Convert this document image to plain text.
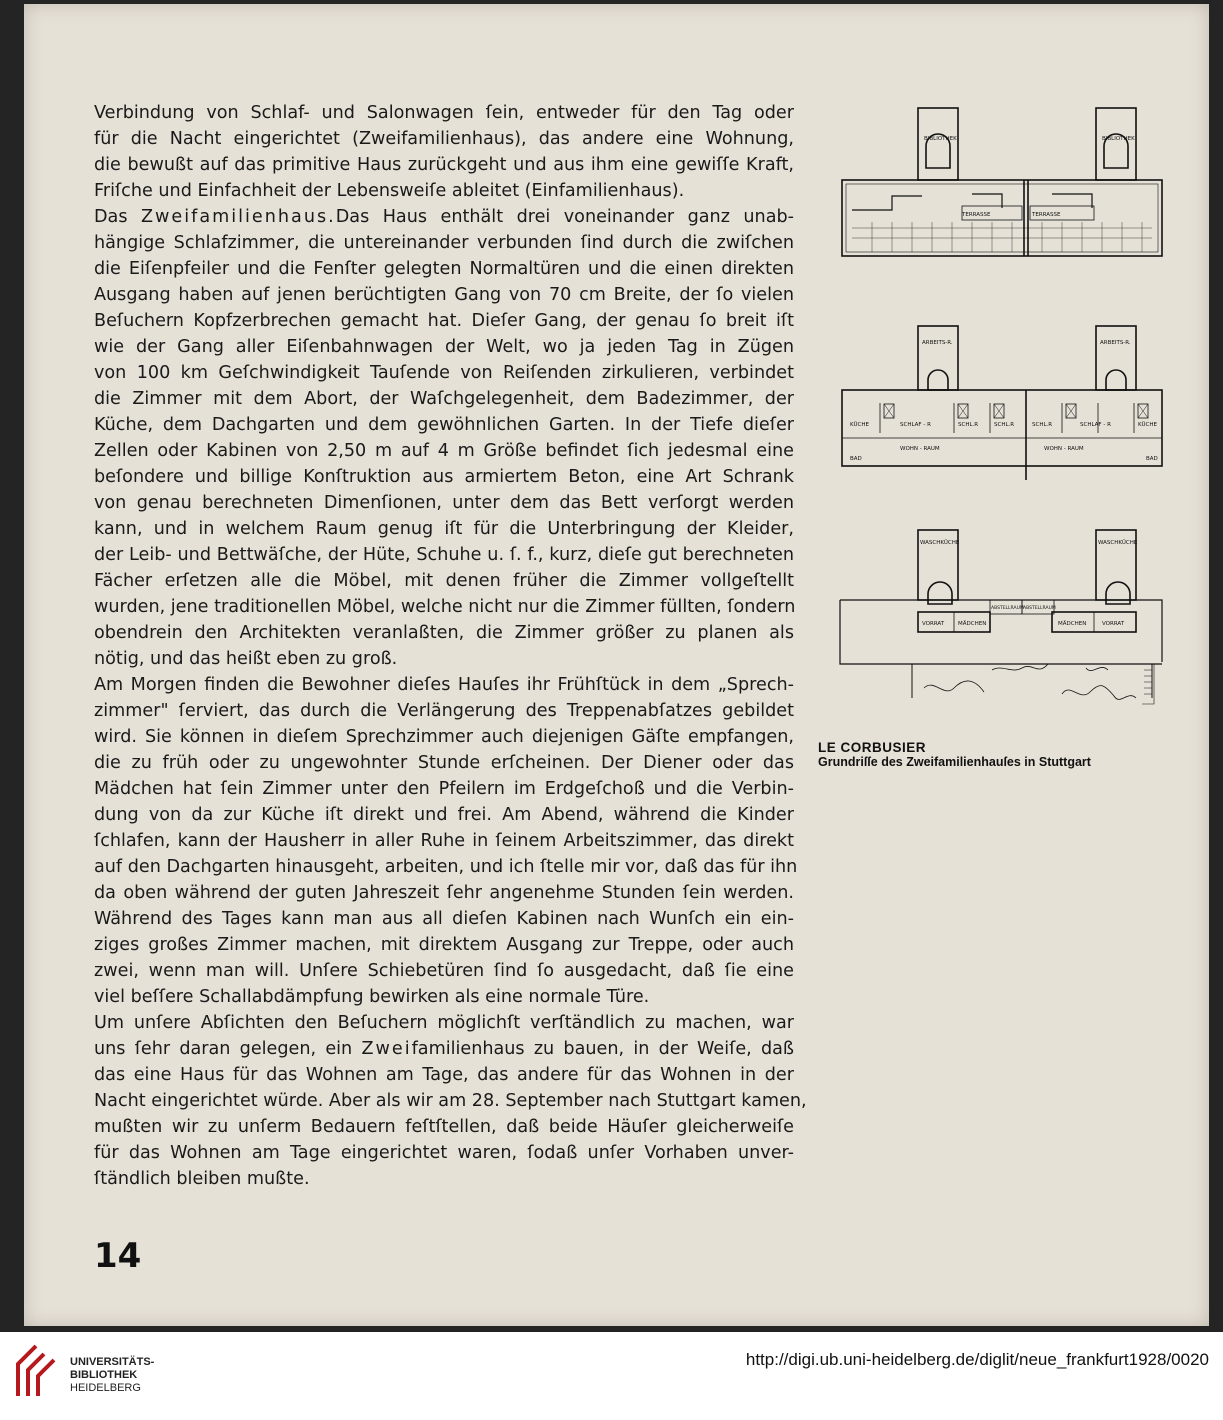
Verbindung von Schlaf- und Salonwagen ſein, entweder für den Tag oder

für die Nacht eingerichtet (Zweifamilienhaus), das andere eine Wohnung,

die bewußt auf das primitive Haus zurückgeht und aus ihm eine gewiſſe Kraft,

Friſche und Einfachheit der Lebensweiſe ableitet (Einfamilienhaus).

Das Zweifamilienhaus.Das Haus enthält drei voneinander ganz unab-

hängige Schlafzimmer, die untereinander verbunden ſind durch die zwiſchen

die Eiſenpfeiler und die Fenſter gelegten Normaltüren und die einen direkten

Ausgang haben auf jenen berüchtigten Gang von 70 cm Breite, der ſo vielen

Beſuchern Kopfzerbrechen gemacht hat. Dieſer Gang, der genau ſo breit iſt

wie der Gang aller Eiſenbahnwagen der Welt, wo ja jeden Tag in Zügen

von 100 km Geſchwindigkeit Tauſende von Reiſenden zirkulieren, verbindet

die Zimmer mit dem Abort, der Waſchgelegenheit, dem Badezimmer, der

Küche, dem Dachgarten und dem gewöhnlichen Garten. In der Tiefe dieſer

Zellen oder Kabinen von 2,50 m auf 4 m Größe befindet ſich jedesmal eine

beſondere und billige Konſtruktion aus armiertem Beton, eine Art Schrank

von genau berechneten Dimenſionen, unter dem das Bett verſorgt werden

kann, und in welchem Raum genug iſt für die Unterbringung der Kleider,

der Leib- und Bettwäſche, der Hüte, Schuhe u. ſ. f., kurz, dieſe gut berechneten

Fächer erſetzen alle die Möbel, mit denen früher die Zimmer vollgeſtellt

wurden, jene traditionellen Möbel, welche nicht nur die Zimmer füllten, ſondern

obendrein den Architekten veranlaßten, die Zimmer größer zu planen als

nötig, und das heißt eben zu groß.

Am Morgen finden die Bewohner dieſes Hauſes ihr Frühſtück in dem „Sprech-

zimmer" ſerviert, das durch die Verlängerung des Treppenabſatzes gebildet

wird. Sie können in dieſem Sprechzimmer auch diejenigen Gäſte empfangen,

die zu früh oder zu ungewohnter Stunde erſcheinen. Der Diener oder das

Mädchen hat ſein Zimmer unter den Pfeilern im Erdgeſchoß und die Verbin-

dung von da zur Küche iſt direkt und frei. Am Abend, während die Kinder

ſchlafen, kann der Hausherr in aller Ruhe in ſeinem Arbeitszimmer, das direkt

auf den Dachgarten hinausgeht, arbeiten, und ich ſtelle mir vor, daß das für ihn

da oben während der guten Jahreszeit ſehr angenehme Stunden ſein werden.

Während des Tages kann man aus all dieſen Kabinen nach Wunſch ein ein-

ziges großes Zimmer machen, mit direktem Ausgang zur Treppe, oder auch

zwei, wenn man will. Unſere Schiebetüren ſind ſo ausgedacht, daß ſie eine

viel beſſere Schallabdämpfung bewirken als eine normale Türe.

Um unſere Abſichten den Beſuchern möglichſt verſtändlich zu machen, war

uns ſehr daran gelegen, ein Zweifamilienhaus zu bauen, in der Weiſe, daß

das eine Haus für das Wohnen am Tage, das andere für das Wohnen in der

Nacht eingerichtet würde. Aber als wir am 28. September nach Stuttgart kamen,

mußten wir zu unſerm Bedauern feſtſtellen, daß beide Häuſer gleicherweiſe

für das Wohnen am Tage eingerichtet waren, ſodaß unſer Vorhaben unver-

ſtändlich bleiben mußte.

14
BIBLIOTHEK	BIBLIOTHEK
TERRASSE	TERRASSE
ARBEITS-R.	ARBEITS-R.
KÜCHE	KÜCHE
SCHLAF - R	SCHLAF - R
SCHL.R	SCHL.R	SCHL.R
WOHN - RAUM	WOHN - RAUM
BAD	BAD
WASCHKÜCHE	WASCHKÜCHE
ABSTELLRAUM ABSTELLRAUM
VORRAT	VORRAT
MÄDCHEN	MÄDCHEN
LE CORBUSIER
Grundriſſe des Zweifamilienhauſes in Stuttgart
UNIVERSITÄTS-
BIBLIOTHEK
HEIDELBERG
http://digi.ub.uni-heidelberg.de/diglit/neue_frankfurt1928/0020
